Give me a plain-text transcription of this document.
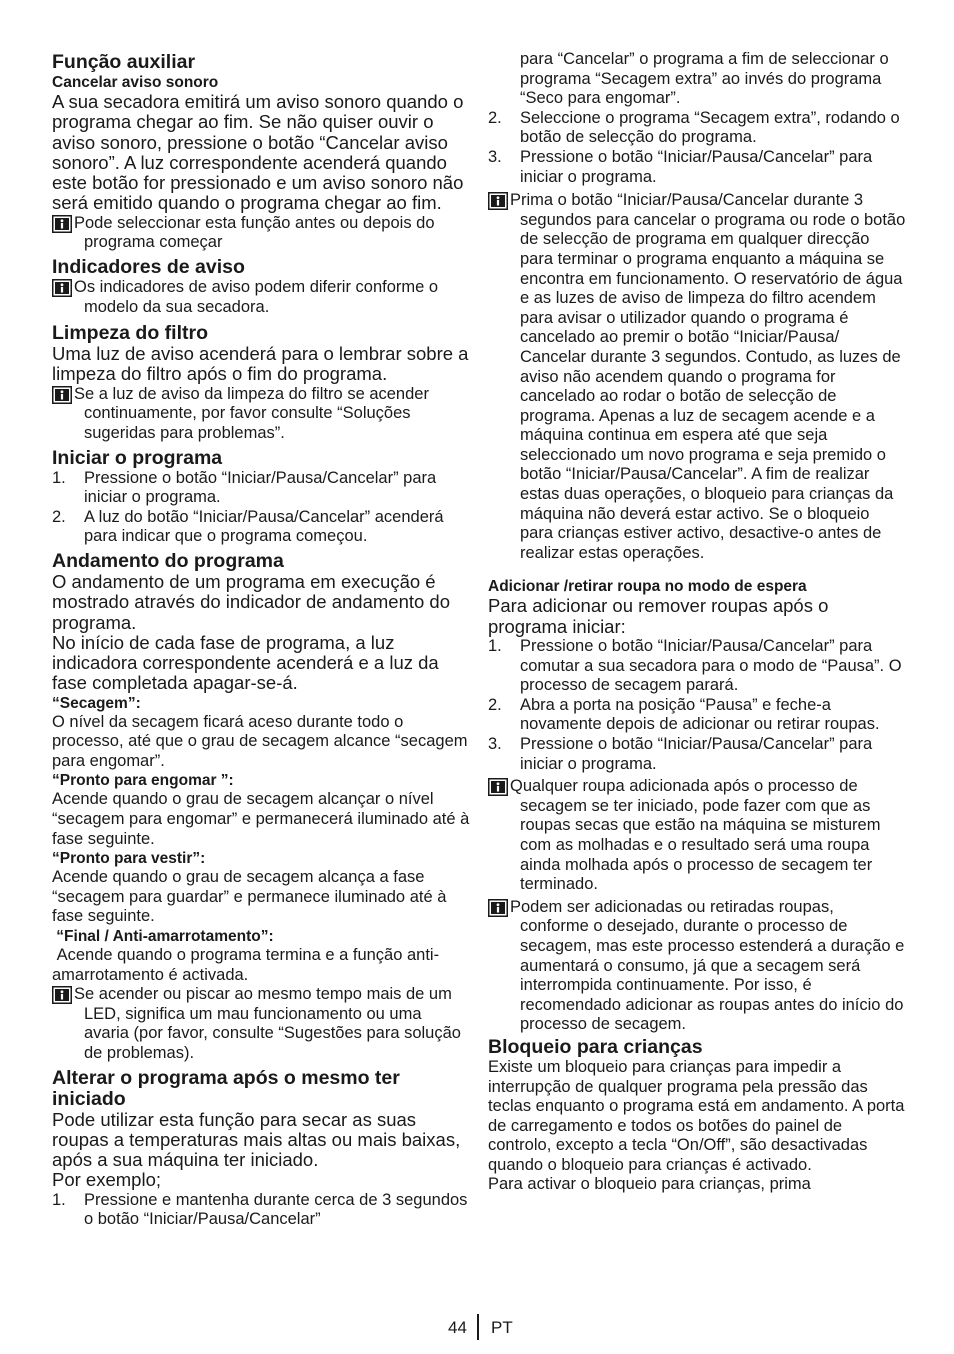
Função auxiliar

Cancelar aviso sonoro

A sua secadora emitirá um aviso sonoro quando o programa chegar ao fim. Se não quiser ouvir o aviso sonoro, pressione o botão “Cancelar aviso sonoro”. A luz correspondente acenderá quando este botão for pressionado e um aviso sonoro não será emitido quando o programa chegar ao fim.

Pode seleccionar esta função antes ou depois do programa começar

Indicadores de aviso

Os indicadores de aviso podem diferir conforme o modelo da sua secadora.

Limpeza do filtro

Uma luz de aviso acenderá para o lembrar sobre a limpeza do filtro após o fim do programa.

Se a luz de aviso da limpeza do filtro se acender continuamente, por favor consulte “Soluções sugeridas para problemas”.

Iniciar o programa

1. Pressione o botão “Iniciar/Pausa/Cancelar” para iniciar o programa.
2. A luz do botão “Iniciar/Pausa/Cancelar” acenderá para indicar que o programa começou.

Andamento do programa

O andamento de um programa em execução é mostrado através do indicador de andamento do programa.

No início de cada fase de programa, a luz indicadora correspondente acenderá e a luz da fase completada apagar-se-á.

“Secagem”:

O nível da secagem ficará aceso durante todo o processo, até que o grau de secagem alcance “secagem para engomar”.

“Pronto para engomar ”:

Acende quando o grau de secagem alcançar o nível “secagem para engomar” e permanecerá iluminado até à fase seguinte.

“Pronto para vestir”:

Acende quando o grau de secagem alcança a fase “secagem para guardar” e permanece iluminado até à fase seguinte.

“Final / Anti-amarrotamento”:

Acende quando o programa termina e a função anti-amarrotamento é activada.

Se acender ou piscar ao mesmo tempo mais de um LED, significa um mau funcionamento ou uma avaria (por favor, consulte “Sugestões para solução de problemas).

Alterar o programa após o mesmo ter iniciado

Pode utilizar esta função para secar as suas roupas a temperaturas mais altas ou mais baixas, após a sua máquina ter iniciado.

Por exemplo;

1. Pressione e mantenha durante cerca de 3 segundos o botão “Iniciar/Pausa/Cancelar”

para “Cancelar” o programa a fim de seleccionar o programa “Secagem extra” ao invés do programa “Seco para engomar”.

2. Seleccione o programa “Secagem extra”, rodando o botão de selecção do programa.
3. Pressione o botão “Iniciar/Pausa/Cancelar” para iniciar o programa.
Prima o botão “Iniciar/Pausa/Cancelar durante 3 segundos para cancelar o programa ou rode o botão de selecção de programa em qualquer direcção para terminar o programa enquanto a máquina se encontra em funcionamento. O reservatório de água e as luzes de aviso de limpeza do filtro acendem para avisar o utilizador quando o programa é cancelado ao premir o botão “Iniciar/Pausa/ Cancelar durante 3 segundos. Contudo, as luzes de aviso não acendem quando o programa for cancelado ao rodar o botão de selecção de programa. Apenas a luz de secagem acende e a máquina continua em espera até que seja seleccionado um novo programa e seja premido o botão “Iniciar/Pausa/Cancelar”. A fim de realizar estas duas operações, o bloqueio para crianças da máquina não deverá estar activo. Se o bloqueio para crianças estiver activo, desactive-o antes de realizar estas operações.

Adicionar /retirar roupa no modo de espera

Para adicionar ou remover roupas após o programa iniciar:

1. Pressione o botão “Iniciar/Pausa/Cancelar” para comutar a sua secadora para o modo de “Pausa”. O processo de secagem parará.
2. Abra a porta na posição “Pausa” e feche-a novamente depois de adicionar ou retirar roupas.
3. Pressione o botão “Iniciar/Pausa/Cancelar” para iniciar o programa.
Qualquer roupa adicionada após o processo de secagem se ter iniciado, pode fazer com que as roupas secas que estão na máquina se misturem com as molhadas e o resultado será uma roupa ainda molhada após o processo de secagem ter terminado.
Podem ser adicionadas ou retiradas roupas, conforme o desejado, durante o processo de secagem, mas este processo estenderá a duração e aumentará o consumo, já que a secagem será interrompida continuamente. Por isso, é recomendado adicionar as roupas antes do início do processo de secagem.

Bloqueio para crianças

Existe um bloqueio para crianças para impedir a interrupção de qualquer programa pela pressão das teclas enquanto o programa está em andamento. A porta de carregamento e todos os botões do painel de controlo, excepto a tecla “On/Off”, são desactivadas quando o bloqueio para crianças é activado.

Para activar o bloqueio para crianças, prima

44 PT
